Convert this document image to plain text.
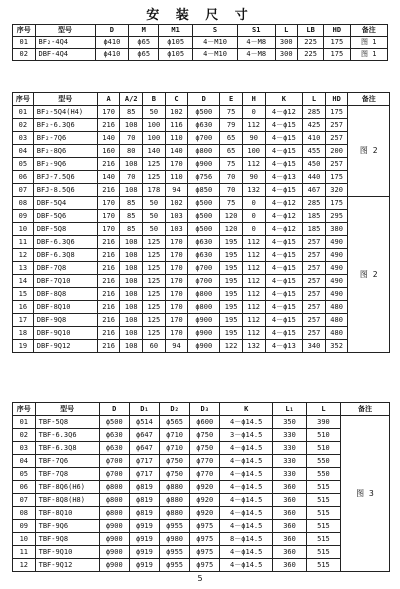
安 装 尺 寸
序号	型号	D	M	M1	S	S1	L	LB	HD	备注
01	BF₂-4Q4	ϕ410	ϕ65	ϕ105	4－M10	4－M8	300	225	175	图 1
02	DBF-4Q4	ϕ410	ϕ65	ϕ105	4－M10	4－M8	300	225	175	图 1
序号	型号	A	A/2	B	C	D	E	H	K	L	HD	备注
01	BF₂-5Q4(H4)	170	85	50	102	ϕ500	75	0	4－ϕ12	285	175	图 2
02	BF₂-6.3Q6	216	108	100	116	ϕ630	79	112	4－ϕ15	425	257	
03	BF₂-7Q6	140	70	100	110	ϕ700	65	90	4－ϕ15	410	257	
04	BF₂-8Q6	160	80	140	140	ϕ800	65	100	4－ϕ15	455	200	
05	BF₂-9Q6	216	108	125	170	ϕ900	75	112	4－ϕ15	450	257	
06	BFJ-7.5Q6	140	70	125	110	ϕ756	70	90	4－ϕ13	440	175	
07	BFJ-8.5Q6	216	108	178	94	ϕ850	70	132	4－ϕ15	467	320	
08	DBF-5Q4	170	85	50	102	ϕ500	75	0	4－ϕ12	285	175	图 2
09	DBF-5Q6	170	85	50	103	ϕ500	120	0	4－ϕ12	185	295	
10	DBF-5Q8	170	85	50	103	ϕ500	120	0	4－ϕ12	185	380	
11	DBF-6.3Q6	216	108	125	170	ϕ630	195	112	4－ϕ15	257	490	
12	DBF-6.3Q8	216	108	125	170	ϕ630	195	112	4－ϕ15	257	490	
13	DBF-7Q8	216	108	125	170	ϕ700	195	112	4－ϕ15	257	490	
14	DBF-7Q10	216	108	125	170	ϕ700	195	112	4－ϕ15	257	490	
15	DBF-8Q8	216	108	125	170	ϕ800	195	112	4－ϕ15	257	490	
16	DBF-8Q10	216	108	125	170	ϕ800	195	112	4－ϕ15	257	480	
17	DBF-9Q8	216	108	125	170	ϕ900	195	112	4－ϕ15	257	480	
18	DBF-9Q10	216	108	125	170	ϕ900	195	112	4－ϕ15	257	480	
19	DBF-9Q12	216	108	60	94	ϕ900	122	132	4－ϕ13	340	352	
序号	型号	D	D₁	D₂	D₃	K	L₁	L	备注
01	TBF-5Q8	ϕ500	ϕ514	ϕ565	ϕ600	4－ϕ14.5	350	390	图 3
02	TBF-6.3Q6	ϕ630	ϕ647	ϕ710	ϕ750	3－ϕ14.5	330	510	
03	TBF-6.3Q8	ϕ630	ϕ647	ϕ710	ϕ750	4－ϕ14.5	330	510	
04	TBF-7Q6	ϕ700	ϕ717	ϕ750	ϕ770	4－ϕ14.5	330	550	
05	TBF-7Q8	ϕ700	ϕ717	ϕ750	ϕ770	4－ϕ14.5	330	550	
06	TBF-8Q6(H6)	ϕ800	ϕ819	ϕ880	ϕ920	4－ϕ14.5	360	515	
07	TBF-8Q8(H8)	ϕ800	ϕ819	ϕ880	ϕ920	4－ϕ14.5	360	515	
08	TBF-8Q10	ϕ800	ϕ819	ϕ880	ϕ920	4－ϕ14.5	360	515	
09	TBF-9Q6	ϕ900	ϕ919	ϕ955	ϕ975	4－ϕ14.5	360	515	
10	TBF-9Q8	ϕ900	ϕ919	ϕ980	ϕ975	8－ϕ14.5	360	515	
11	TBF-9Q10	ϕ900	ϕ919	ϕ955	ϕ975	4－ϕ14.5	360	515	
12	TBF-9Q12	ϕ900	ϕ919	ϕ955	ϕ975	4－ϕ14.5	360	515	
5
